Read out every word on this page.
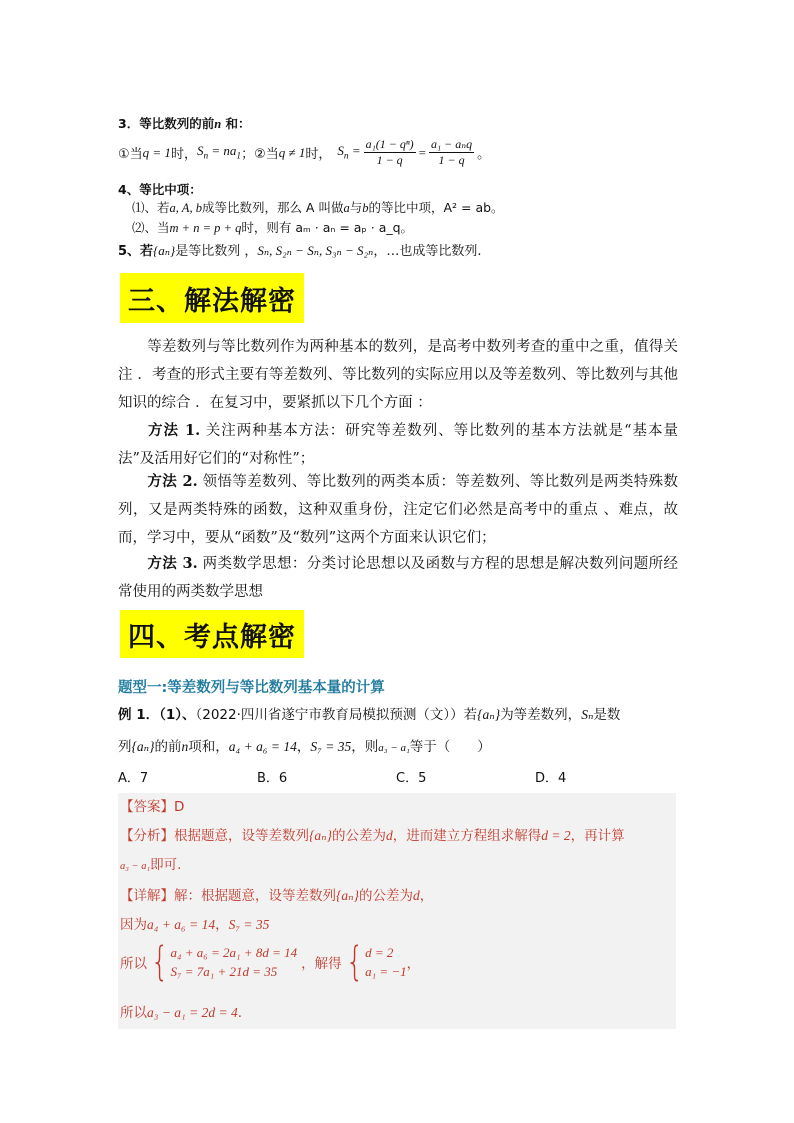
3．等比数列的前n 和：
①当 q = 1 时， $S_n = na_1$ ；②当 q ≠ 1 时， $S_n = \frac{\text{a₁(1 − qⁿ)}}{1 - q} = \frac{\text{a₁ − aₙq}}{1 - q}$ 。
4、等比中项：
⑴、若a, A, b成等比数列，那么 A 叫做a与b的等比中项，A² = ab。
⑵、当m + n = p + q时，则有 aₘ · aₙ = aₚ · a_q。
5、若{aₙ}是等比数列 ，Sₙ, S₂ₙ − Sₙ, S₃ₙ − S₂ₙ，…也成等比数列.
三、解法解密
等差数列与等比数列作为两种基本的数列，是高考中数列考查的重中之重，值得关注 ．考查的形式主要有等差数列、等比数列的实际应用以及等差数列、等比数列与其他知识的综合 ．在复习中，要紧抓以下几个方面 ：
方法 1. 关注两种基本方法：研究等差数列、等比数列的基本方法就是“基本量法”及活用好它们的“对称性”；
方法 2. 领悟等差数列、等比数列的两类本质：等差数列、等比数列是两类特殊数列，又是两类特殊的函数，这种双重身份，注定它们必然是高考中的重点 、难点，故而，学习中，要从“函数”及“数列”这两个方面来认识它们；
方法 3. 两类数学思想：分类讨论思想以及函数与方程的思想是解决数列问题所经常使用的两类数学思想
四、考点解密
题型一:等差数列与等比数列基本量的计算
例 1．（1）、（2022·四川省遂宁市教育局模拟预测（文））若{aₙ}为等差数列，Sₙ是数
列{aₙ}的前n项和，a₄ + a₆ = 14，S₇ = 35，则a₃ − a₁等于（　　）
A．7	B．6	C．5	D．4
【答案】D
【分析】根据题意，设等差数列{aₙ}的公差为d，进而建立方程组求解得d = 2，再计算
a₃ − a₁即可.
【详解】解：根据题意，设等差数列{aₙ}的公差为d，
因为a₄ + a₆ = 14，S₇ = 35
所以 { a₄ + a₆ = 2a₁ + 8d = 14
S₇ = 7a₁ + 21d = 35	，解得 { d = 2
a₁ = −1 ，
所以a₃ − a₁ = 2d = 4.
